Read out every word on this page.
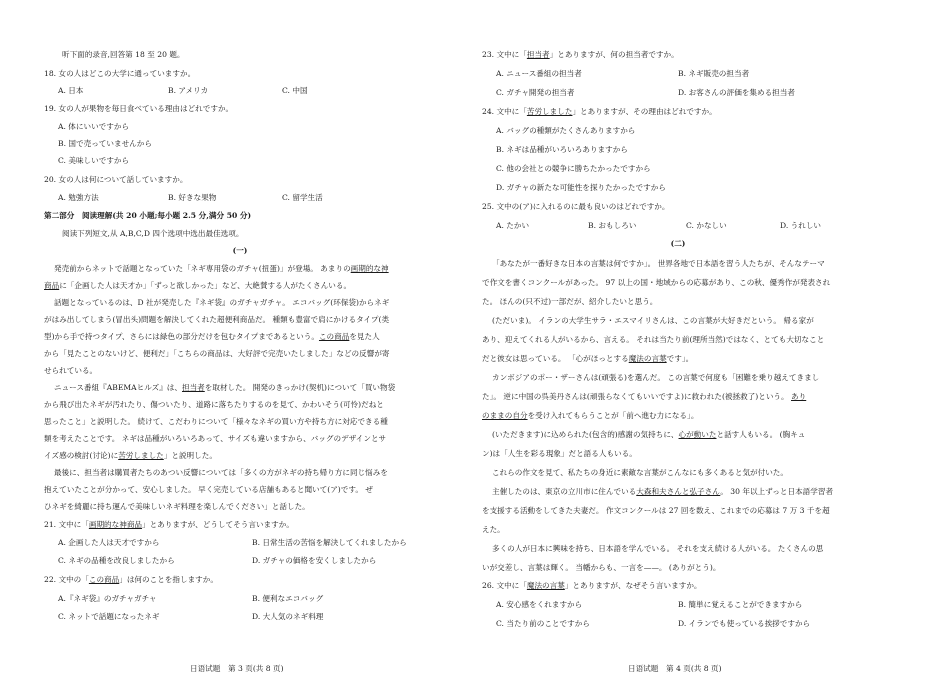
听下面的录音,回答第 18 至 20 题。
18. 女の人はどこの大学に通っていますか。
A. 日本	B. アメリカ	C. 中国
19. 女の人が果物を毎日食べている理由はどれですか。
A. 体にいいですから
B. 国で売っていませんから
C. 美味しいですから
20. 女の人は何について話していますか。
A. 勉強方法	B. 好きな果物	C. 留学生活
第二部分　阅读理解(共 20 小题;每小题 2.5 分,满分 50 分)
阅读下列短文,从 A,B,C,D 四个选项中选出最佳选项。
(一)
発売前からネットで話題となっていた「ネギ専用袋のガチャ(扭蛋)」が登場。 あまりの画期的な神
商品に「企画した人は天才か」「ずっと欲しかった」など、大絶賛する人がたくさんいる。
話題となっているのは、D 社が発売した『ネギ袋』のガチャガチャ。 エコバッグ(环保袋)からネギ
がはみ出してしまう(冒出头)問題を解決してくれた超便利商品だ。 種類も豊富で肩にかけるタイプ(类
型)から手で持つタイプ、さらには緑色の部分だけを包むタイプまであるという。この商品を見た人
から「見たことのないけど、便利だ」「こちらの商品は、大好評で完売いたしました」などの反響が寄
せられている。
ニュース番組『ABEMAヒルズ』は、担当者を取材した。 開発のきっかけ(契机)について「買い物袋
から飛び出たネギが汚れたり、傷ついたり、道路に落ちたりするのを見て、かわいそう(可怜)だねと
思ったこと」と説明した。 続けて、こだわりについて「様々なネギの買い方や持ち方に対応できる種
類を考えたことです。 ネギは品種がいろいろあって、サイズも違いますから、バッグのデザインとサ
イズ感の検討(讨论)に苦労しました」と説明した。
最後に、担当者は購買者たちのあつい反響については「多くの方がネギの持ち帰り方に同じ悩みを
抱えていたことが分かって、安心しました。 早く完売している店舗もあると聞いて(ア)です。 ぜ
ひネギを綺麗に持ち運んで美味しいネギ料理を楽しんでください」と話した。
21. 文中に「画期的な神商品」とありますが、どうしてそう言いますか。
A. 企画した人は天才ですから	B. 日常生活の苦悩を解決してくれましたから
C. ネギの品種を改良しましたから	D. ガチャの価格を安くしましたから
22. 文中の「この商品」は何のことを指しますか。
A.『ネギ袋』のガチャガチャ	B. 便利なエコバッグ
C. ネットで話題になったネギ	D. 大人気のネギ料理
日语试题　第 3 页(共 8 页)
23. 文中に「担当者」とありますが、何の担当者ですか。
A. ニュース番組の担当者	B. ネギ販売の担当者
C. ガチャ開発の担当者	D. お客さんの評価を集める担当者
24. 文中に「苦労しました」とありますが、その理由はどれですか。
A. バッグの種類がたくさんありますから
B. ネギは品種がいろいろありますから
C. 他の会社との競争に勝ちたかったですから
D. ガチャの新たな可能性を探りたかったですから
25. 文中の(ア)に入れるのに最も良いのはどれですか。
A. たかい	B. おもしろい	C. かなしい	D. うれしい
(二)
「あなたが一番好きな日本の言葉は何ですか」。 世界各地で日本語を習う人たちが、そんなテーマ
で作文を書くコンクールがあった。 97 以上の国・地域からの応募があり、この秋、優秀作が発表され
た。 ほんの(只不过)一部だが、紹介したいと思う。
(ただいま)。 イランの大学生サラ・エスマイリさんは、この言葉が大好きだという。 帰る家が
あり、迎えてくれる人がいるから、言える。 それは当たり前(理所当然)ではなく、とても大切なこと
だと彼女は思っている。 「心がほっとする魔法の言葉です」。
カンボジアのポー・ザーさんは(頑張る)を選んだ。 この言葉で何度も「困難を乗り越えてきまし
た」。 逆に中国の呉美丹さんは(頑張らなくてもいいですよ)に救われた(被拯救了)という。 あり
のままの自分を受け入れてもらうことが「前へ進む力になる」。
(いただきます)に込められた(包含的)感謝の気持ちに、心が動いたと話す人もいる。 (胸キュ
ン)は「人生を彩る現象」だと語る人もいる。
これらの作文を見て、私たちの身近に素敵な言葉がこんなにも多くあると気が付いた。
主催したのは、東京の立川市に住んでいる大森和夫さんと弘子さん。 30 年以上ずっと日本語学習者
を支援する活動をしてきた夫妻だ。 作文コンクールは 27 回を数え、これまでの応募は 7 万 3 千を超
えた。
多くの人が日本に興味を持ち、日本語を学んでいる。 それを支え続ける人がいる。 たくさんの思
いが交差し、言葉は輝く。 当幡からも、一言を——。 (ありがとう)。
26. 文中に「魔法の言葉」とありますが、なぜそう言いますか。
A. 安心感をくれますから	B. 簡単に覚えることができますから
C. 当たり前のことですから	D. イランでも使っている挨拶ですから
日语试题　第 4 页(共 8 页)
